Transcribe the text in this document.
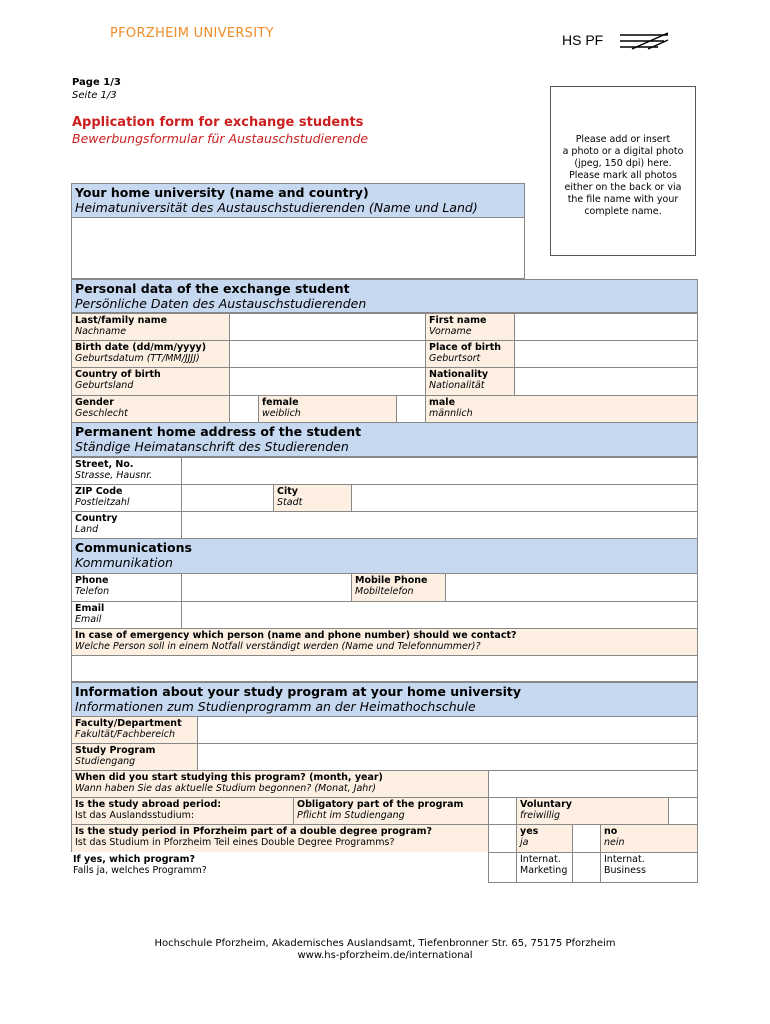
PFORZHEIM UNIVERSITY	HS PF
Page 1/3
Seite 1/3
Application form for exchange students
Bewerbungsformular für Austauschstudierende	Please add or insert
a photo or a digital photo
(jpeg, 150 dpi) here.
Please mark all photos
either on the back or via
the file name with your
complete name.
Your home university (name and country)
Heimatuniversität des Austauschstudierenden (Name und Land)
Personal data of the exchange student
Persönliche Daten des Austauschstudierenden
Last/family name
Nachname
First name
Vorname
Birth date (dd/mm/yyyy)
Geburtsdatum (TT/MM/JJJJ)
Place of birth
Geburtsort
Country of birth
Geburtsland
Nationality
Nationalität
Gender
Geschlecht
female
weiblich
male
männlich
Permanent home address of the student
Ständige Heimatanschrift des Studierenden
Street, No.
Strasse, Hausnr.
ZIP Code
Postleitzahl
City
Stadt
Country
Land
Communications
Kommunikation
Phone
Telefon
Mobile Phone
Mobiltelefon
Email
Email
In case of emergency which person (name and phone number) should we contact?
Welche Person soll in einem Notfall verständigt werden (Name und Telefonnummer)?
Information about your study program at your home university
Informationen zum Studienprogramm an der Heimathochschule
Faculty/Department
Fakultät/Fachbereich
Study Program
Studiengang
When did you start studying this program? (month, year)
Wann haben Sie das aktuelle Studium begonnen? (Monat, Jahr)
Is the study abroad period:
Ist das Auslandsstudium:
Obligatory part of the program
Pflicht im Studiengang
Voluntary
freiwillig
Is the study period in Pforzheim part of a double degree program?
Ist das Studium in Pforzheim Teil eines Double Degree Programms?
yes
ja
no
nein
If yes, which program?
Falls ja, welches Programm?
Internat.
Marketing
Internat.
Business
Hochschule Pforzheim, Akademisches Auslandsamt, Tiefenbronner Str. 65, 75175 Pforzheim
www.hs-pforzheim.de/international
